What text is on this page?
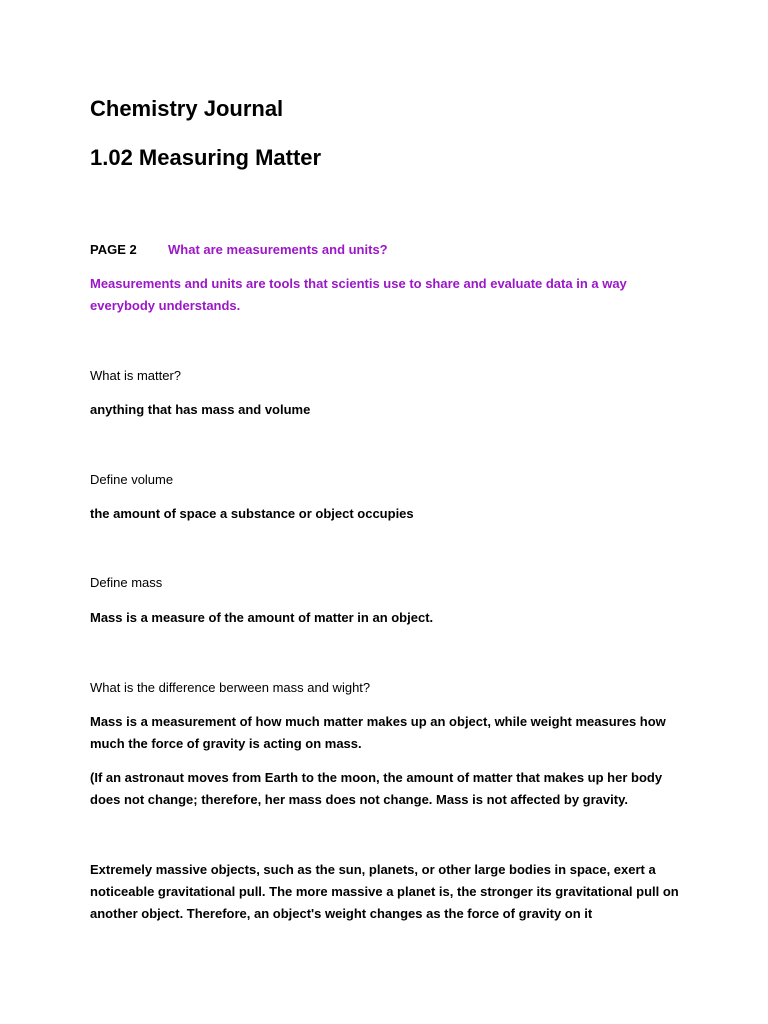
Chemistry Journal
1.02 Measuring Matter
PAGE 2 What are measurements and units?

Measurements and units are tools that scientis use to share and evaluate data in a way everybody understands.

What is matter?

anything that has mass and volume

Define volume

the amount of space a substance or object occupies

Define mass

Mass is a measure of the amount of matter in an object.

What is the difference berween mass and wight?

Mass is a measurement of how much matter makes up an object, while weight measures how much the force of gravity is acting on mass.

(If an astronaut moves from Earth to the moon, the amount of matter that makes up her body does not change; therefore, her mass does not change. Mass is not affected by gravity.

Extremely massive objects, such as the sun, planets, or other large bodies in space, exert a noticeable gravitational pull. The more massive a planet is, the stronger its gravitational pull on another object. Therefore, an object's weight changes as the force of gravity on it
